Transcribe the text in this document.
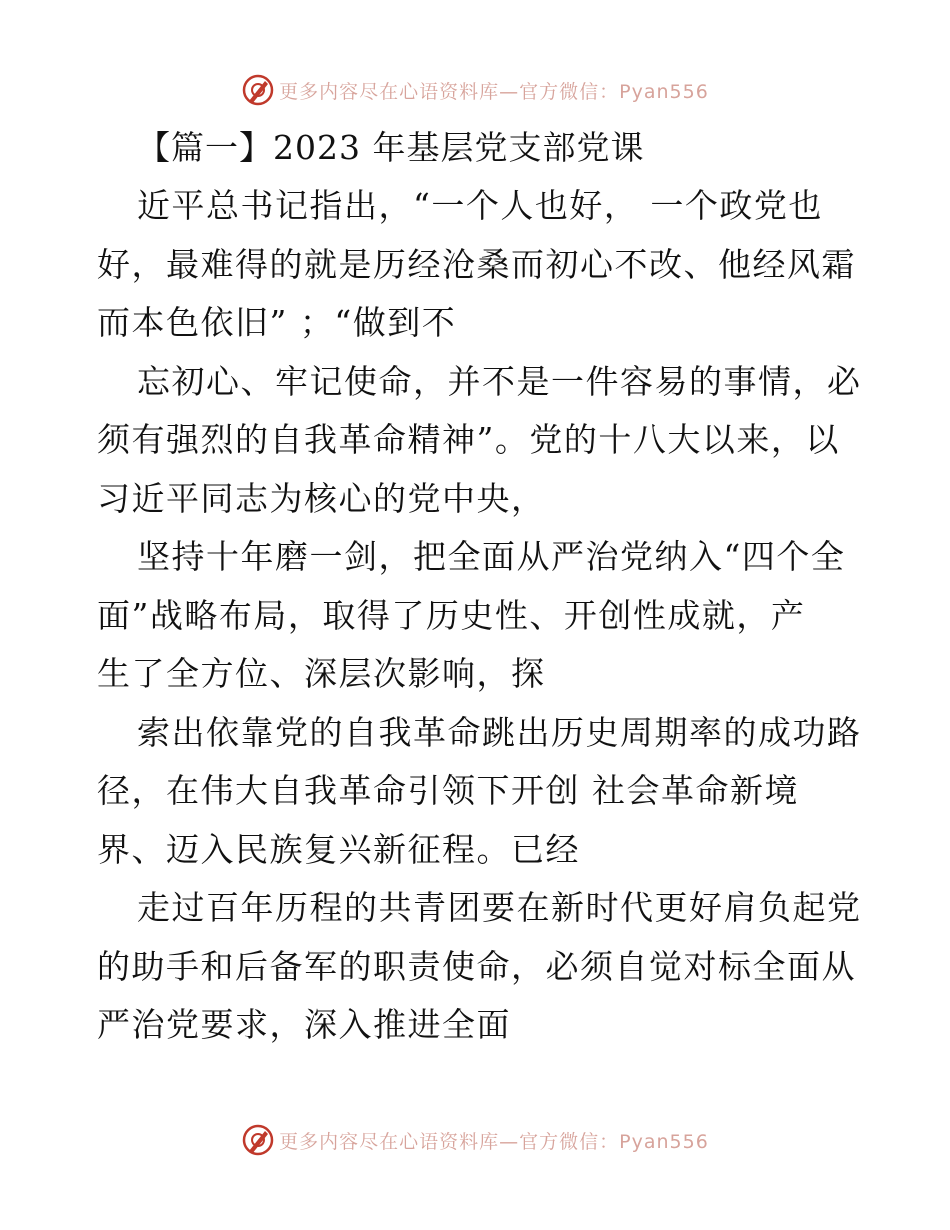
更多内容尽在心语资料库—官方微信：Pyan556
【篇一】2023 年基层党支部党课
近平总书记指出，“一个人也好， 一个政党也
好，最难得的就是历经沧桑而初心不改、他经风霜
而本色依旧” ；“做到不
忘初心、牢记使命，并不是一件容易的事情，必
须有强烈的自我革命精神”。党的十八大以来，以
习近平同志为核心的党中央，
坚持十年磨一剑，把全面从严治党纳入“四个全
面”战略布局，取得了历史性、开创性成就，产
生了全方位、深层次影响，探
索出依靠党的自我革命跳出历史周期率的成功路
径，在伟大自我革命引领下开创 社会革命新境
界、迈入民族复兴新征程。已经
走过百年历程的共青团要在新时代更好肩负起党
的助手和后备军的职责使命，必须自觉对标全面从
严治党要求，深入推进全面
更多内容尽在心语资料库—官方微信：Pyan556
